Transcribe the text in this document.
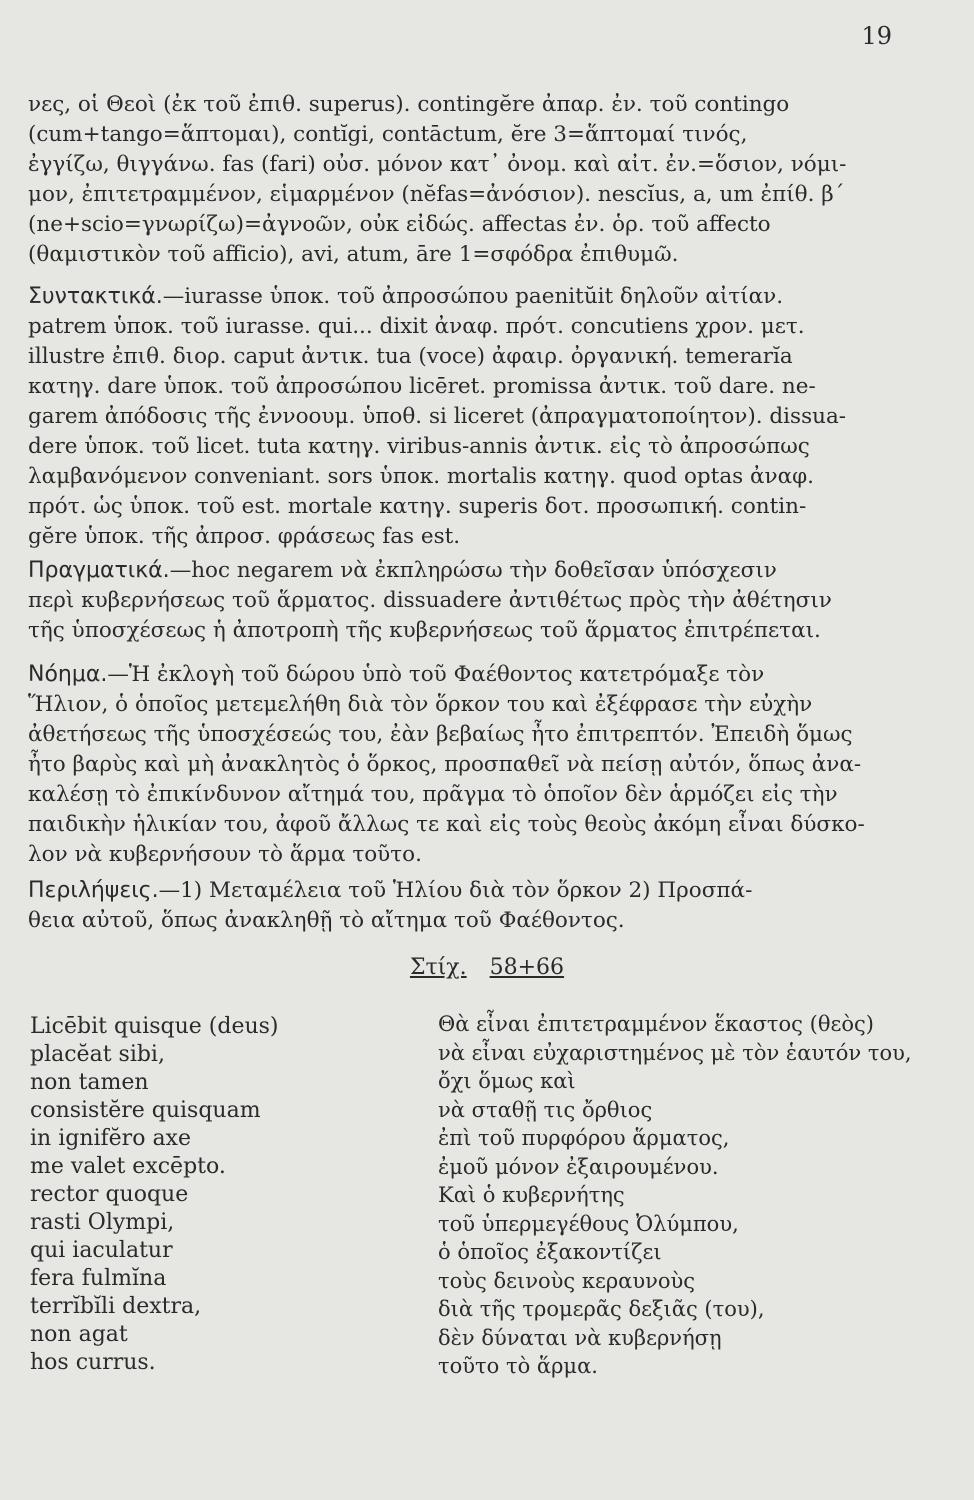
19

νες, οἱ Θεοὶ (ἐκ τοῦ ἐπιθ. superus). contingĕre ἀπαρ. ἐν. τοῦ contingo
(cum+tango=ἅπτομαι), contĭgi, contāctum, ĕre 3=ἅπτομαί τινός,
ἐγγίζω, θιγγάνω. fas (fari) οὐσ. μόνον κατ᾽ ὀνομ. καὶ αἰτ. ἐν.=ὅσιον, νόμι-
μον, ἐπιτετραμμένον, εἱμαρμένον (nĕfas=ἀνόσιον). nescĭus, a, um ἐπίθ. β΄
(ne+scio=γνωρίζω)=ἀγνοῶν, οὐκ εἰδώς. affectas ἐν. ὁρ. τοῦ affecto
(θαμιστικὸν τοῦ afficio), avi, atum, āre 1=σφόδρα ἐπιθυμῶ.

Συντακτικά.—iurasse ὑποκ. τοῦ ἀπροσώπου paenitŭit δηλοῦν αἰτίαν.
patrem ὑποκ. τοῦ iurasse. qui... dixit ἀναφ. πρότ. concutiens χρον. μετ.
illustre ἐπιθ. διορ. caput ἀντικ. tua (voce) ἀφαιρ. ὀργανική. temerarĭa
κατηγ. dare ὑποκ. τοῦ ἀπροσώπου licēret. promissa ἀντικ. τοῦ dare. ne-
garem ἀπόδοσις τῆς ἐννοουμ. ὑποθ. si liceret (ἀπραγματοποίητον). dissua-
dere ὑποκ. τοῦ licet. tuta κατηγ. viribus-annis ἀντικ. εἰς τὸ ἀπροσώπως
λαμβανόμενον conveniant. sors ὑποκ. mortalis κατηγ. quod optas ἀναφ.
πρότ. ὡς ὑποκ. τοῦ est. mortale κατηγ. superis δοτ. προσωπική. contin-
gĕre ὑποκ. τῆς ἀπροσ. φράσεως fas est.

Πραγματικά.—hoc negarem νὰ ἐκπληρώσω τὴν δοθεῖσαν ὑπόσχεσιν
περὶ κυβερνήσεως τοῦ ἅρματος. dissuadere ἀντιθέτως πρὸς τὴν ἀθέτησιν
τῆς ὑποσχέσεως ἡ ἀποτροπὴ τῆς κυβερνήσεως τοῦ ἅρματος ἐπιτρέπεται.

Νόημα.—Ἡ ἐκλογὴ τοῦ δώρου ὑπὸ τοῦ Φαέθοντος κατετρόμαξε τὸν
Ἥλιον, ὁ ὁποῖος μετεμελήθη διὰ τὸν ὅρκον του καὶ ἐξέφρασε τὴν εὐχὴν
ἀθετήσεως τῆς ὑποσχέσεώς του, ἐὰν βεβαίως ἦτο ἐπιτρεπτόν. Ἐπειδὴ ὅμως
ἦτο βαρὺς καὶ μὴ ἀνακλητὸς ὁ ὅρκος, προσπαθεῖ νὰ πείσῃ αὐτόν, ὅπως ἀνα-
καλέσῃ τὸ ἐπικίνδυνον αἴτημά του, πρᾶγμα τὸ ὁποῖον δὲν ἁρμόζει εἰς τὴν
παιδικὴν ἡλικίαν του, ἀφοῦ ἄλλως τε καὶ εἰς τοὺς θεοὺς ἀκόμη εἶναι δύσκο-
λον νὰ κυβερνήσουν τὸ ἅρμα τοῦτο.

Περιλήψεις.—1) Μεταμέλεια τοῦ Ἡλίου διὰ τὸν ὅρκον 2) Προσπά-
θεια αὐτοῦ, ὅπως ἀνακληθῇ τὸ αἴτημα τοῦ Φαέθοντος.

Στίχ. 58+66
Licēbit quisque (deus)
placĕat sibi,
non tamen
consistĕre quisquam
in ignifĕro axe
me valet excēpto.
rector quoque
rasti Olympi,
qui iaculatur
fera fulmĭna
terrĭbĭli dextra,
non agat
hos currus.
Θὰ εἶναι ἐπιτετραμμένον ἕκαστος (θεὸς)
νὰ εἶναι εὐχαριστημένος μὲ τὸν ἑαυτόν του,
ὄχι ὅμως καὶ
νὰ σταθῇ τις ὄρθιος
ἐπὶ τοῦ πυρφόρου ἅρματος,
ἐμοῦ μόνον ἐξαιρουμένου.
Καὶ ὁ κυβερνήτης
τοῦ ὑπερμεγέθους Ὀλύμπου,
ὁ ὁποῖος ἐξακοντίζει
τοὺς δεινοὺς κεραυνοὺς
διὰ τῆς τρομερᾶς δεξιᾶς (του),
δὲν δύναται νὰ κυβερνήσῃ
τοῦτο τὸ ἅρμα.
